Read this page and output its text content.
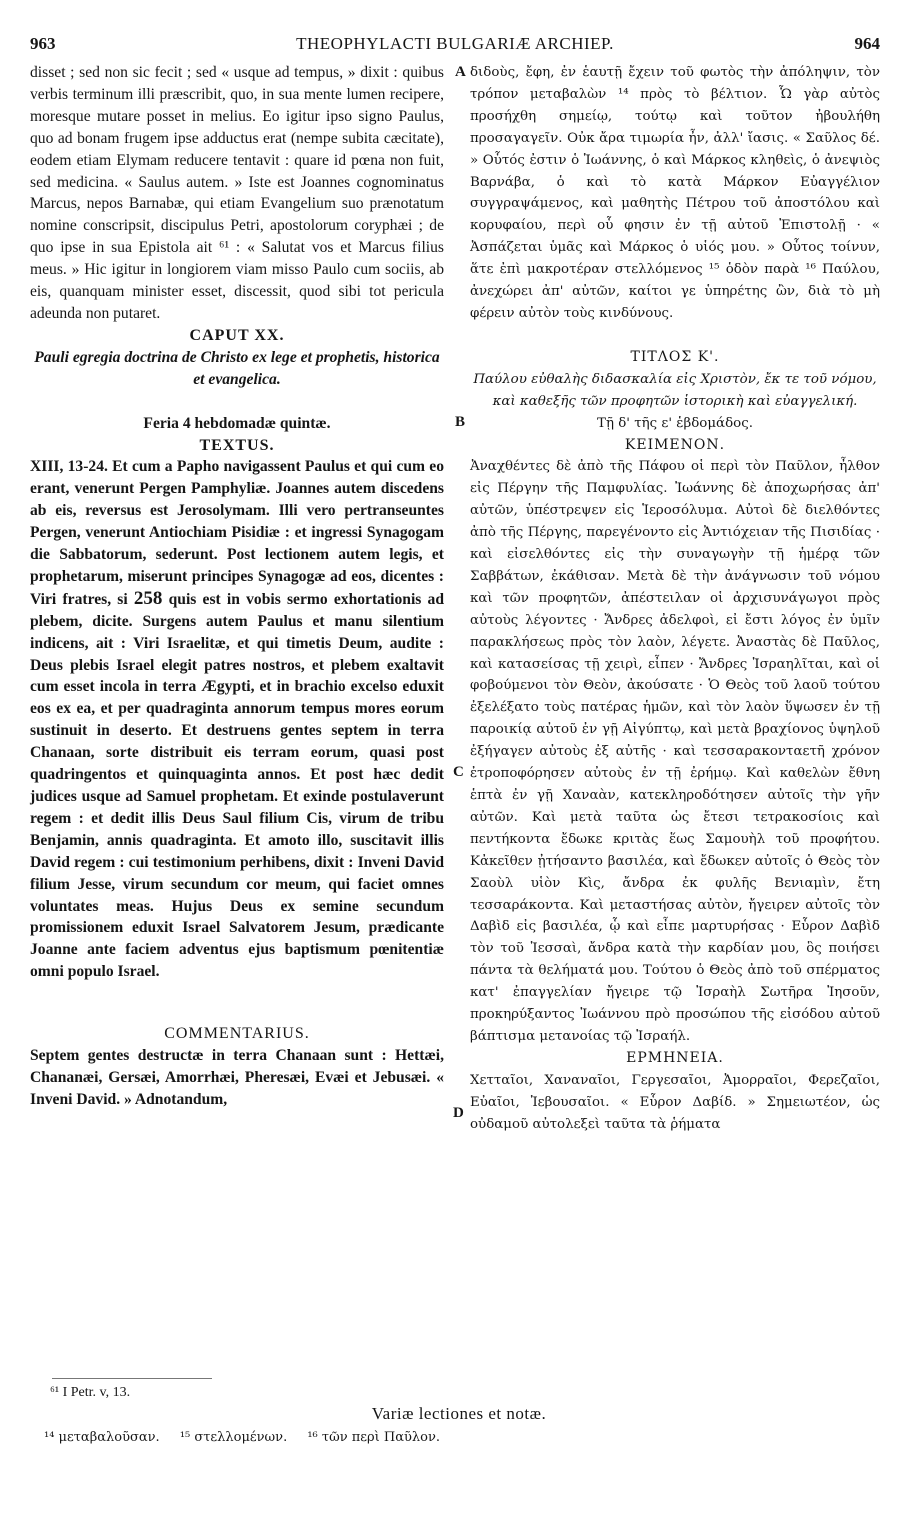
963	THEOPHYLACTI BULGARIÆ ARCHIEP.	964

disset ; sed non sic fecit ; sed « usque ad tempus, » dixit : quibus verbis terminum illi præscribit, quo, in sua mente lumen recipere, moresque mutare posset in melius. Eo igitur ipso signo Paulus, quo ad bonam frugem ipse adductus erat (nempe subita cæcitate), eodem etiam Elymam reducere tentavit : quare id pœna non fuit, sed medicina. « Saulus autem. » Iste est Joannes cognominatus Marcus, nepos Barnabæ, qui etiam Evangelium suo prænotatum nomine conscripsit, discipulus Petri, apostolorum coryphæi ; de quo ipse in sua Epistola ait ⁶¹ : « Salutat vos et Marcus filius meus. » Hic igitur in longiorem viam misso Paulo cum sociis, ab eis, quanquam minister esset, discessit, quod sibi tot pericula adeunda non putaret.

CAPUT XX.

Pauli egregia doctrina de Christo ex lege et prophetis, historica et evangelica.

Feria 4 hebdomadæ quintæ.

TEXTUS.

XIII, 13-24. Et cum a Papho navigassent Paulus et qui cum eo erant, venerunt Pergen Pamphyliæ. Joannes autem discedens ab eis, reversus est Jerosolymam. Illi vero pertranseuntes Pergen, venerunt Antiochiam Pisidiæ : et ingressi Synagogam die Sabbatorum, sederunt. Post lectionem autem legis, et prophetarum, miserunt principes Synagogæ ad eos, dicentes : Viri fratres, si 258 quis est in vobis sermo exhortationis ad plebem, dicite. Surgens autem Paulus et manu silentium indicens, ait : Viri Israelitæ, et qui timetis Deum, audite : Deus plebis Israel elegit patres nostros, et plebem exaltavit cum esset incola in terra Ægypti, et in brachio excelso eduxit eos ex ea, et per quadraginta annorum tempus mores eorum sustinuit in deserto. Et destruens gentes septem in terra Chanaan, sorte distribuit eis terram eorum, quasi post quadringentos et quinquaginta annos. Et post hæc dedit judices usque ad Samuel prophetam. Et exinde postulaverunt regem : et dedit illis Deus Saul filium Cis, virum de tribu Benjamin, annis quadraginta. Et amoto illo, suscitavit illis David regem : cui testimonium perhibens, dixit : Inveni David filium Jesse, virum secundum cor meum, qui faciet omnes voluntates meas. Hujus Deus ex semine secundum promissionem eduxit Israel Salvatorem Jesum, prædicante Joanne ante faciem adventus ejus baptismum pœnitentiæ omni populo Israel.

COMMENTARIUS.

Septem gentes destructæ in terra Chanaan sunt : Hettæi, Chananæi, Gersæi, Amorrhæi, Pheresæi, Evæi et Jebusæi. « Inveni David. » Adnotandum,

διδοὺς, ἔφη, ἐν ἑαυτῇ ἔχειν τοῦ φωτὸς τὴν ἀπόληψιν, τὸν τρόπον μεταβαλὼν ¹⁴ πρὸς τὸ βέλτιον. Ὧ γὰρ αὐτὸς προσήχθη σημείῳ, τούτῳ καὶ τοῦτον ἠβουλήθη προσαγαγεῖν. Οὐκ ἄρα τιμωρία ἦν, ἀλλ' ἴασις. « Σαῦλος δέ. » Οὗτός ἐστιν ὁ Ἰωάννης, ὁ καὶ Μάρκος κληθεὶς, ὁ ἀνεψιὸς Βαρνάβα, ὁ καὶ τὸ κατὰ Μάρκον Εὐαγγέλιον συγγραψάμενος, καὶ μαθητὴς Πέτρου τοῦ ἀποστόλου καὶ κορυφαίου, περὶ οὗ φησιν ἐν τῇ αὐτοῦ Ἐπιστολῇ · « Ἀσπάζεται ὑμᾶς καὶ Μάρκος ὁ υἱός μου. » Οὗτος τοίνυν, ἅτε ἐπὶ μακροτέραν στελλόμενος ¹⁵ ὁδὸν παρὰ ¹⁶ Παύλου, ἀνεχώρει ἀπ' αὐτῶν, καίτοι γε ὑπηρέτης ὢν, διὰ τὸ μὴ φέρειν αὐτὸν τοὺς κινδύνους.

ΤΙΤΛΟΣ Κ'.

Παύλου εὐθαλὴς διδασκαλία εἰς Χριστὸν, ἔκ τε τοῦ νόμου, καὶ καθεξῆς τῶν προφητῶν ἱστορικὴ καὶ εὐαγγελική.

Τῇ δ' τῆς ε' ἑβδομάδος.

ΚΕΙΜΕΝΟΝ.

Ἀναχθέντες δὲ ἀπὸ τῆς Πάφου οἱ περὶ τὸν Παῦλον, ἦλθον εἰς Πέργην τῆς Παμφυλίας. Ἰωάννης δὲ ἀποχωρήσας ἀπ' αὐτῶν, ὑπέστρεψεν εἰς Ἱεροσόλυμα. Αὐτοὶ δὲ διελθόντες ἀπὸ τῆς Πέργης, παρεγένοντο εἰς Ἀντιόχειαν τῆς Πισιδίας · καὶ εἰσελθόντες εἰς τὴν συναγωγὴν τῇ ἡμέρᾳ τῶν Σαββάτων, ἐκάθισαν. Μετὰ δὲ τὴν ἀνάγνωσιν τοῦ νόμου καὶ τῶν προφητῶν, ἀπέστειλαν οἱ ἀρχισυνάγωγοι πρὸς αὐτοὺς λέγοντες · Ἄνδρες ἀδελφοὶ, εἰ ἔστι λόγος ἐν ὑμῖν παρακλήσεως πρὸς τὸν λαὸν, λέγετε. Ἀναστὰς δὲ Παῦλος, καὶ κατασείσας τῇ χειρὶ, εἶπεν · Ἄνδρες Ἰσραηλῖται, καὶ οἱ φοβούμενοι τὸν Θεὸν, ἀκούσατε · Ὁ Θεὸς τοῦ λαοῦ τούτου ἐξελέξατο τοὺς πατέρας ἡμῶν, καὶ τὸν λαὸν ὕψωσεν ἐν τῇ παροικίᾳ αὐτοῦ ἐν γῇ Αἰγύπτῳ, καὶ μετὰ βραχίονος ὑψηλοῦ ἐξήγαγεν αὐτοὺς ἐξ αὐτῆς · καὶ τεσσαρακονταετῆ χρόνον ἐτροποφόρησεν αὐτοὺς ἐν τῇ ἐρήμῳ. Καὶ καθελὼν ἔθνη ἑπτὰ ἐν γῇ Χαναὰν, κατεκληροδότησεν αὐτοῖς τὴν γῆν αὐτῶν. Καὶ μετὰ ταῦτα ὡς ἔτεσι τετρακοσίοις καὶ πεντήκοντα ἔδωκε κριτὰς ἕως Σαμουὴλ τοῦ προφήτου. Κἀκεῖθεν ᾐτήσαντο βασιλέα, καὶ ἔδωκεν αὐτοῖς ὁ Θεὸς τὸν Σαοὺλ υἱὸν Κὶς, ἄνδρα ἐκ φυλῆς Βενιαμὶν, ἔτη τεσσαράκοντα. Καὶ μεταστήσας αὐτὸν, ἤγειρεν αὐτοῖς τὸν Δαβὶδ εἰς βασιλέα, ᾧ καὶ εἶπε μαρτυρήσας · Εὗρον Δαβὶδ τὸν τοῦ Ἰεσσαὶ, ἄνδρα κατὰ τὴν καρδίαν μου, ὃς ποιήσει πάντα τὰ θελήματά μου. Τούτου ὁ Θεὸς ἀπὸ τοῦ σπέρματος κατ' ἐπαγγελίαν ἤγειρε τῷ Ἰσραὴλ Σωτῆρα Ἰησοῦν, προκηρύξαντος Ἰωάννου πρὸ προσώπου τῆς εἰσόδου αὐτοῦ βάπτισμα μετανοίας τῷ Ἰσραήλ.

ΕΡΜΗΝΕΙΑ.

Χετταῖοι, Χαναναῖοι, Γεργεσαῖοι, Ἀμορραῖοι, Φερεζαῖοι, Εὐαῖοι, Ἰεβουσαῖοι. « Εὗρον Δαβίδ. » Σημειωτέον, ὡς οὐδαμοῦ αὐτολεξεὶ ταῦτα τὰ ῥήματα

A
B
C
D
⁶¹ I Petr. v, 13.
Variæ lectiones et notæ.
¹⁴ μεταβαλοῦσαν. ¹⁵ στελλομένων. ¹⁶ τῶν περὶ Παῦλον.
